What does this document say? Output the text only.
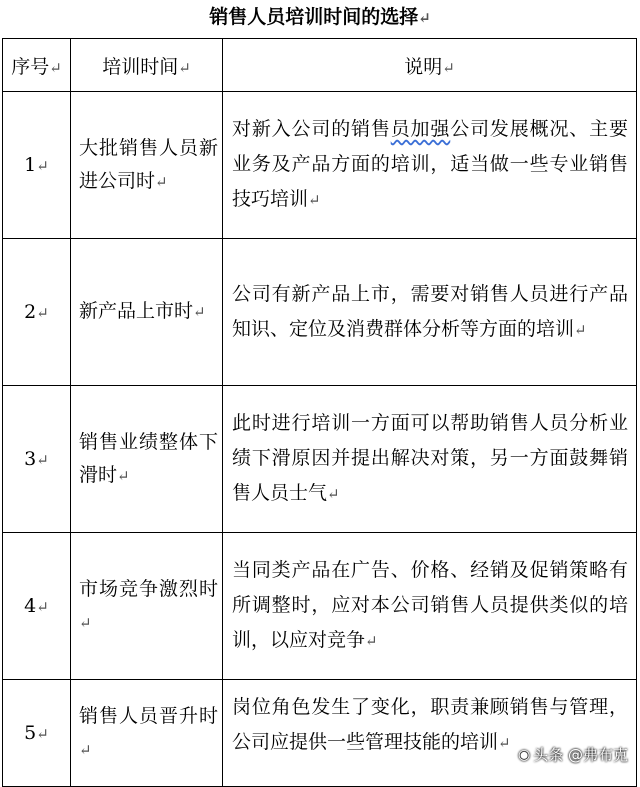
销售人员培训时间的选择↵
序号↵	培训时间↵	说明↵
1↵	大批销售人员新进公司时↵	对新入公司的销售员加强公司发展概况、主要业务及产品方面的培训，适当做一些专业销售技巧培训↵
2↵	新产品上市时↵	公司有新产品上市，需要对销售人员进行产品知识、定位及消费群体分析等方面的培训↵
3↵	销售业绩整体下滑时↵	此时进行培训一方面可以帮助销售人员分析业绩下滑原因并提出解决对策，另一方面鼓舞销售人员士气↵
4↵	市场竞争激烈时↵	当同类产品在广告、价格、经销及促销策略有所调整时，应对本公司销售人员提供类似的培训，以应对竞争↵
5↵	销售人员晋升时↵	岗位角色发生了变化，职责兼顾销售与管理，公司应提供一些管理技能的培训↵
◉ 头条 @弗布克
